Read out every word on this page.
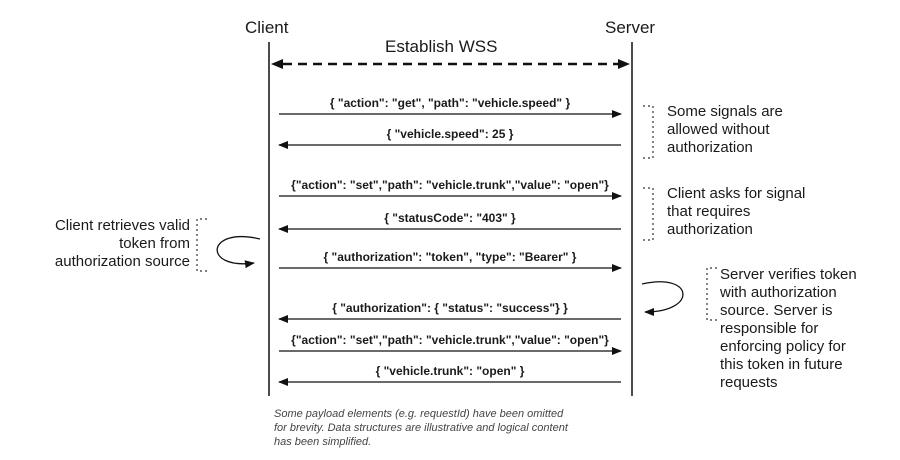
Client	Server
Establish WSS
{ "action": "get", "path": "vehicle.speed" }
{ "vehicle.speed": 25 }
{"action": "set","path": "vehicle.trunk","value": "open"}
{ "statusCode": "403" }
{ "authorization": "token", "type": "Bearer" }
{ "authorization": { "status": "success"} }
{"action": "set","path": "vehicle.trunk","value": "open"}
{ "vehicle.trunk": "open" }
Some signals are
allowed without
authorization
Client asks for signal
that requires
authorization
Server verifies token
with authorization
source. Server is
responsible for
enforcing policy for
this token in future
requests
Client retrieves valid
token from
authorization source
Some payload elements (e.g. requestId) have been omitted
for brevity. Data structures are illustrative and logical content
has been simplified.
